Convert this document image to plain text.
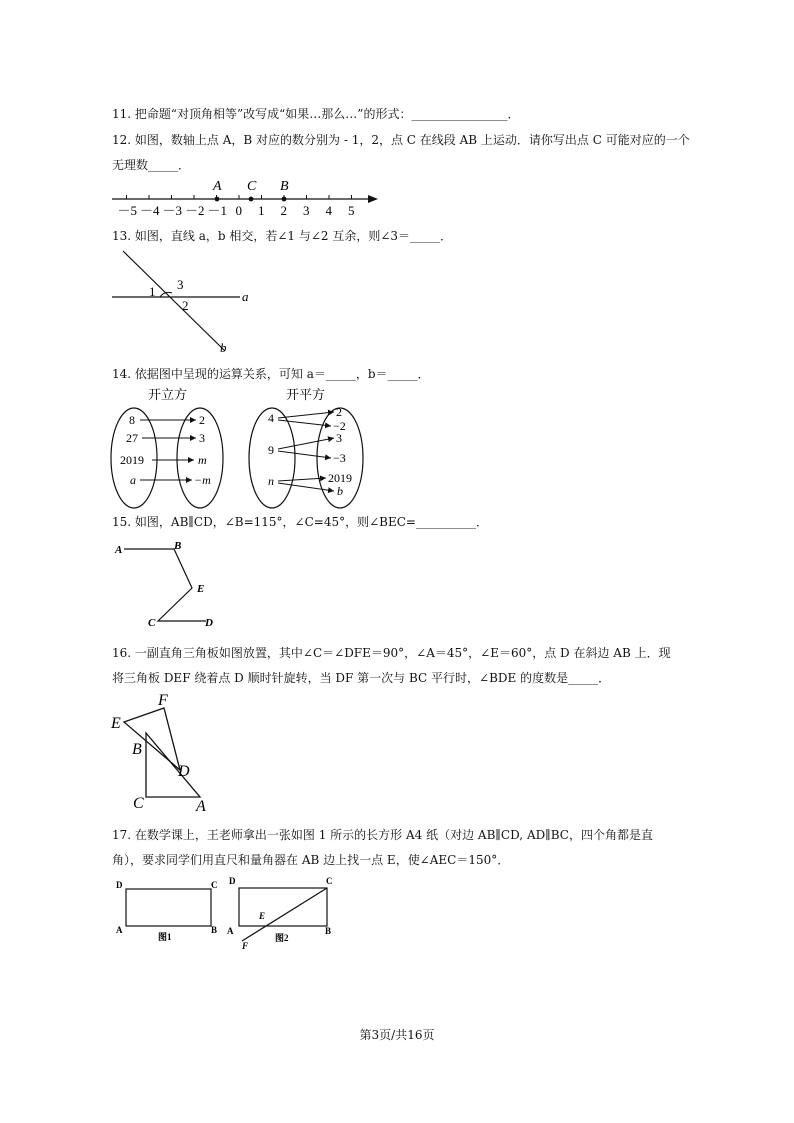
11. 把命题“对顶角相等”改写成“如果…那么…”的形式：________________．
12. 如图，数轴上点 A，B 对应的数分别为 - 1，2，点 C 在线段 AB 上运动．请你写出点 C 可能对应的一个
无理数_____．
－5 －4 －3 －2 －1 0 1 2 3 4 5
A C B
13. 如图，直线 a，b 相交，若∠1 与∠2 互余，则∠3＝_____．
1 3
2
a
b
14. 依据图中呈现的运算关系，可知 a＝_____，b＝_____．
开立方
8
27
2019
a
2
3
m
−m
开平方
4
9
n
2
−2
3
−3
2019
b
15. 如图，AB∥CD，∠B=115°，∠C=45°，则∠BEC=__________．
A	B
E
C	D
16. 一副直角三角板如图放置，其中∠C＝∠DFE＝90°，∠A＝45°，∠E＝60°，点 D 在斜边 AB 上．现
将三角板 DEF 绕着点 D 顺时针旋转，当 DF 第一次与 BC 平行时，∠BDE 的度数是_____．
F
E
B
D
C	A
17. 在数学课上，王老师拿出一张如图 1 所示的长方形 A4 纸（对边 AB∥CD, AD∥BC，四个角都是直
角），要求同学们用直尺和量角器在 AB 边上找一点 E，使∠AEC＝150°．
D	C
A	B
图1
D	C
E
A	B
F
图2
第3页/共16页
